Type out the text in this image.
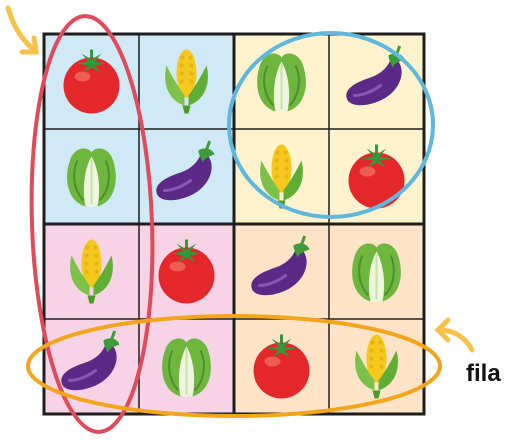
fila
